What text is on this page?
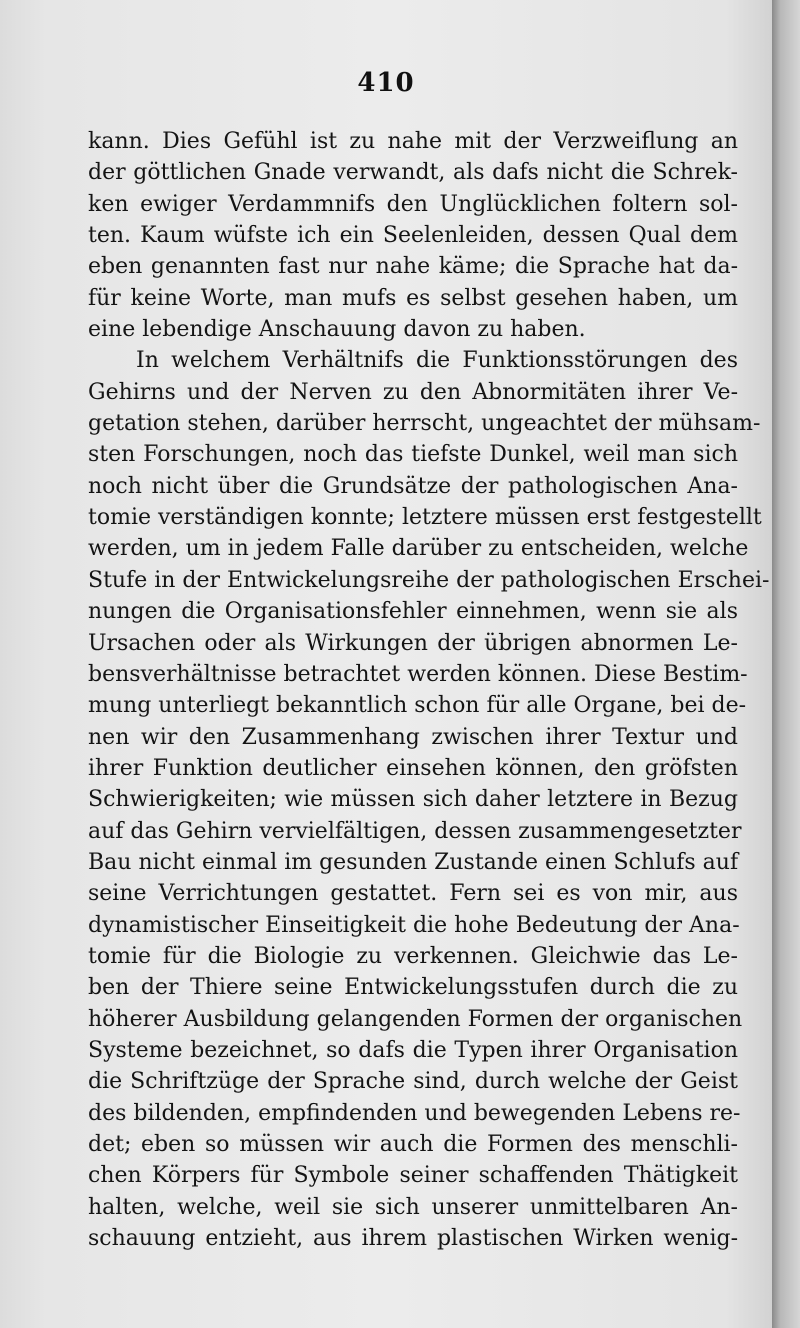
410
kann. Dies Gefühl ist zu nahe mit der Verzweiflung an
der göttlichen Gnade verwandt, als dafs nicht die Schrek-
ken ewiger Verdammnifs den Unglücklichen foltern sol-
ten. Kaum wüfste ich ein Seelenleiden, dessen Qual dem
eben genannten fast nur nahe käme; die Sprache hat da-
für keine Worte, man mufs es selbst gesehen haben, um
eine lebendige Anschauung davon zu haben.
In welchem Verhältnifs die Funktionsstörungen des
Gehirns und der Nerven zu den Abnormitäten ihrer Ve-
getation stehen, darüber herrscht, ungeachtet der mühsam-
sten Forschungen, noch das tiefste Dunkel, weil man sich
noch nicht über die Grundsätze der pathologischen Ana-
tomie verständigen konnte; letztere müssen erst festgestellt
werden, um in jedem Falle darüber zu entscheiden, welche
Stufe in der Entwickelungsreihe der pathologischen Erschei-
nungen die Organisationsfehler einnehmen, wenn sie als
Ursachen oder als Wirkungen der übrigen abnormen Le-
bensverhältnisse betrachtet werden können. Diese Bestim-
mung unterliegt bekanntlich schon für alle Organe, bei de-
nen wir den Zusammenhang zwischen ihrer Textur und
ihrer Funktion deutlicher einsehen können, den gröfsten
Schwierigkeiten; wie müssen sich daher letztere in Bezug
auf das Gehirn vervielfältigen, dessen zusammengesetzter
Bau nicht einmal im gesunden Zustande einen Schlufs auf
seine Verrichtungen gestattet. Fern sei es von mir, aus
dynamistischer Einseitigkeit die hohe Bedeutung der Ana-
tomie für die Biologie zu verkennen. Gleichwie das Le-
ben der Thiere seine Entwickelungsstufen durch die zu
höherer Ausbildung gelangenden Formen der organischen
Systeme bezeichnet, so dafs die Typen ihrer Organisation
die Schriftzüge der Sprache sind, durch welche der Geist
des bildenden, empfindenden und bewegenden Lebens re-
det; eben so müssen wir auch die Formen des menschli-
chen Körpers für Symbole seiner schaffenden Thätigkeit
halten, welche, weil sie sich unserer unmittelbaren An-
schauung entzieht, aus ihrem plastischen Wirken wenig-
